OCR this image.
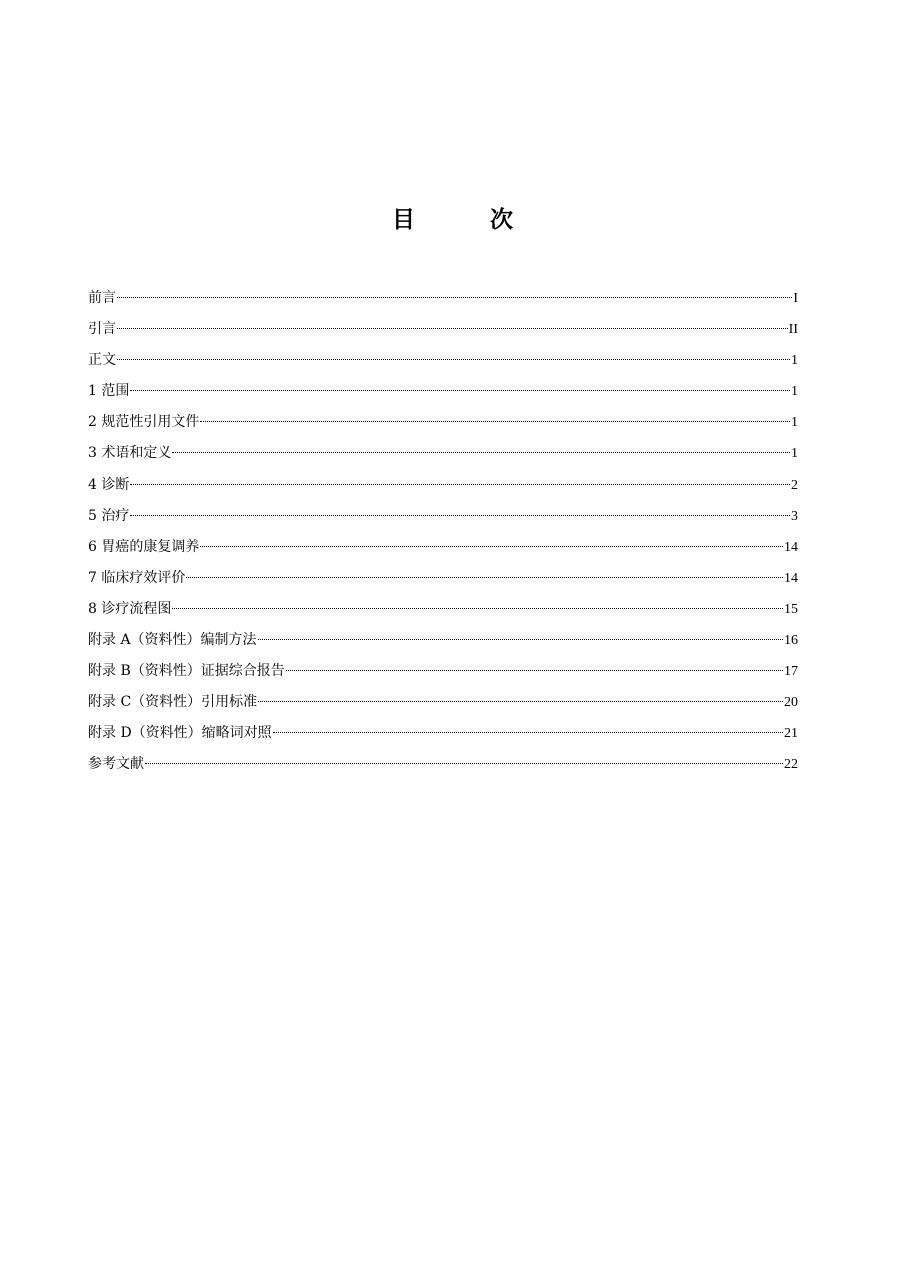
目　次
前言	I
引言	II
正文	1
1 范围	1
2 规范性引用文件	1
3 术语和定义	1
4 诊断	2
5 治疗	3
6 胃癌的康复调养	14
7 临床疗效评价	14
8 诊疗流程图	15
附录 A（资料性）编制方法	16
附录 B（资料性）证据综合报告	17
附录 C（资料性）引用标准	20
附录 D（资料性）缩略词对照	21
参考文献	22
